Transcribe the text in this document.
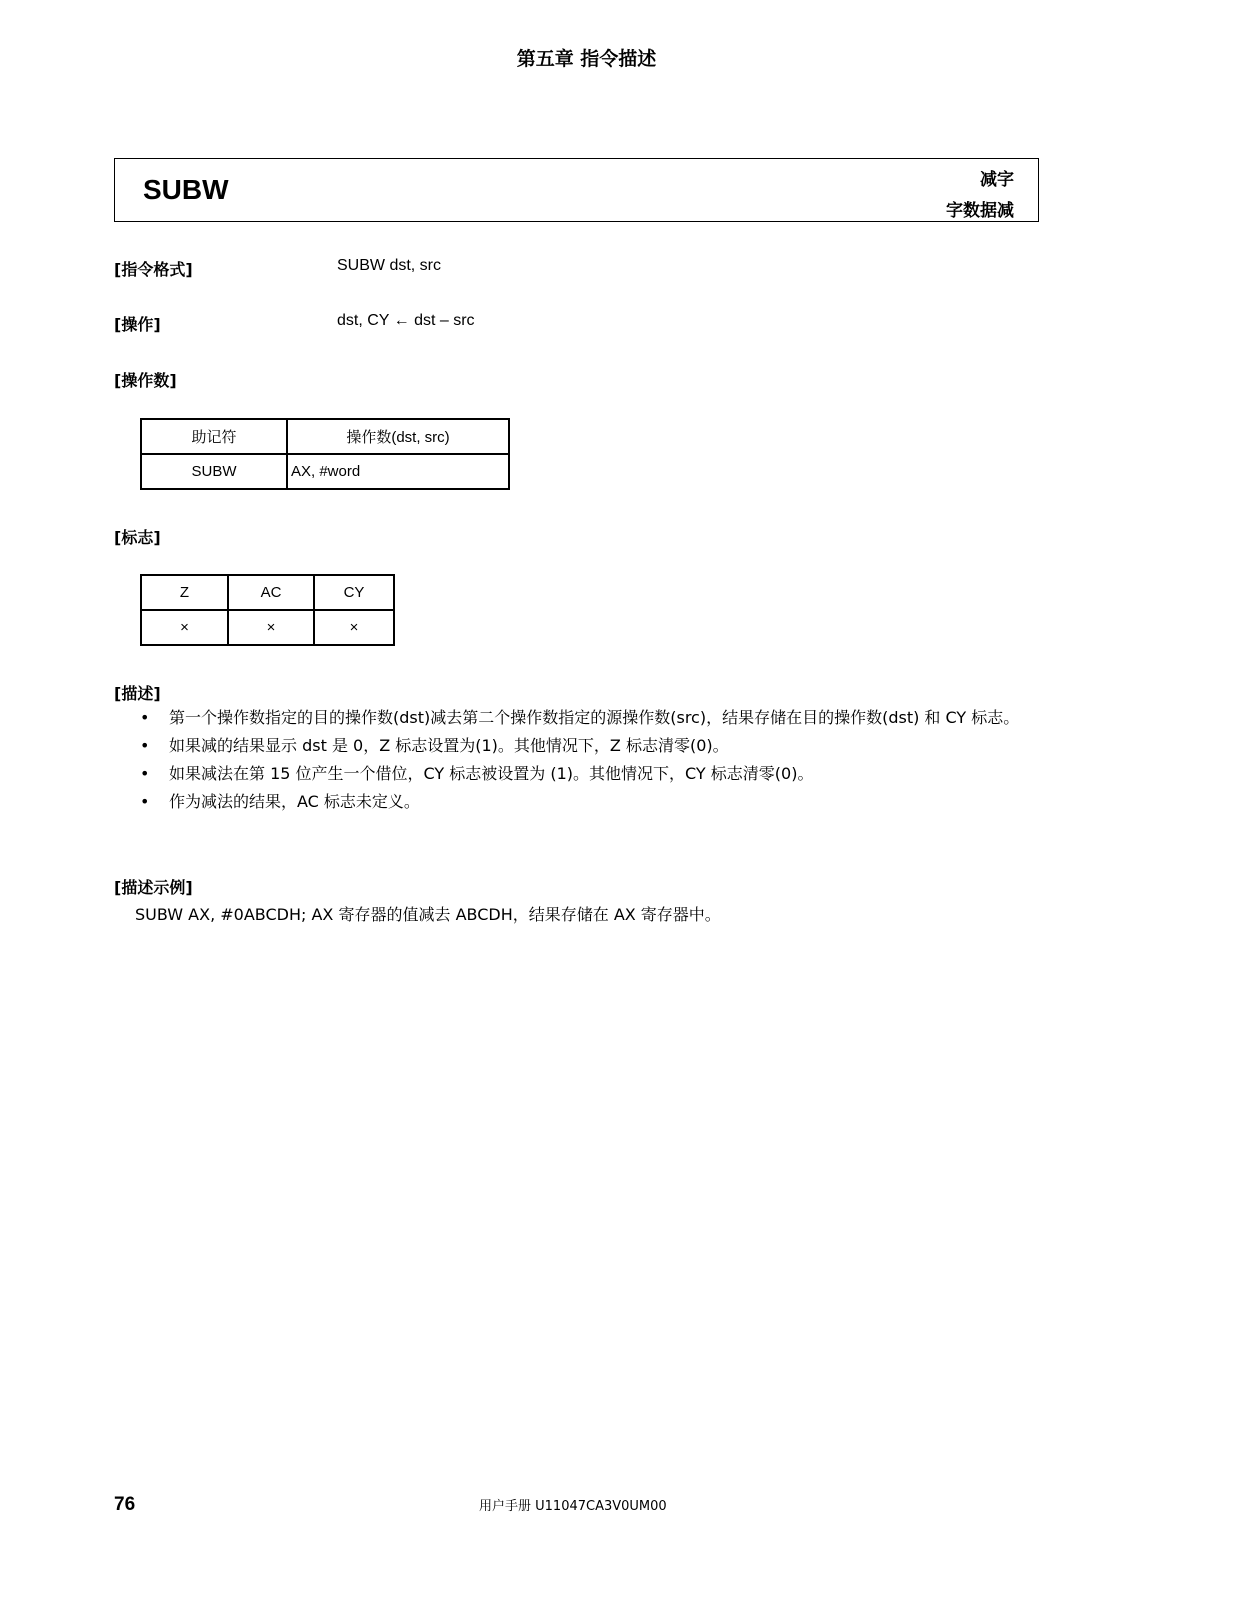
第五章 指令描述
SUBW	减字
字数据减
[指令格式]	SUBW dst, src
[操作]	dst, CY ← dst – src
[操作数]
助记符	操作数(dst, src)
SUBW	AX, #word
[标志]
Z	AC	CY
×	×	×
[描述]
• 第一个操作数指定的目的操作数(dst)减去第二个操作数指定的源操作数(src)，结果存储在目的操作数(dst) 和 CY 标志。
• 如果减的结果显示 dst 是 0，Z 标志设置为(1)。其他情况下，Z 标志清零(0)。
• 如果减法在第 15 位产生一个借位，CY 标志被设置为 (1)。其他情况下，CY 标志清零(0)。
• 作为减法的结果，AC 标志未定义。
[描述示例]
SUBW AX, #0ABCDH; AX 寄存器的值减去 ABCDH，结果存储在 AX 寄存器中。
76	用户手册 U11047CA3V0UM00
